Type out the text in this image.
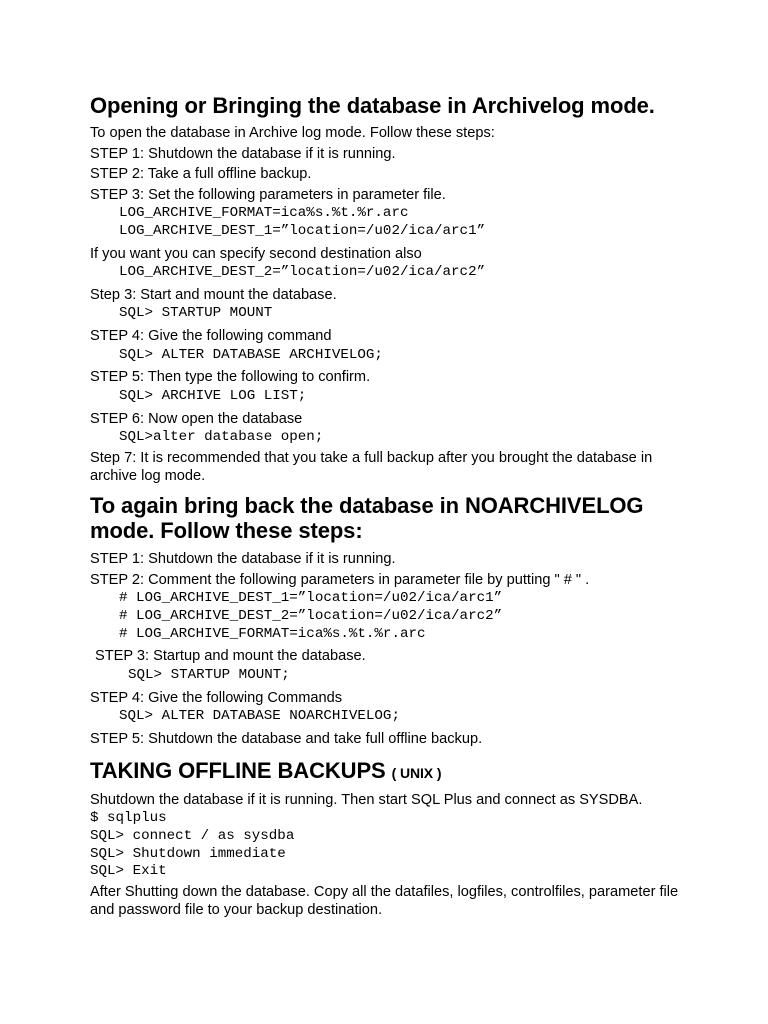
Opening or Bringing the database in Archivelog mode.

To open the database in Archive log mode. Follow these steps:

STEP 1: Shutdown the database if it is running.

STEP 2: Take a full offline backup.

STEP 3: Set the following parameters in parameter file.

LOG_ARCHIVE_FORMAT=ica%s.%t.%r.arc
LOG_ARCHIVE_DEST_1=”location=/u02/ica/arc1”

If you want you can specify second destination also

LOG_ARCHIVE_DEST_2=”location=/u02/ica/arc2”

Step 3: Start and mount the database.

SQL> STARTUP MOUNT

STEP 4: Give the following command

SQL> ALTER DATABASE ARCHIVELOG;

STEP 5: Then type the following to confirm.

SQL> ARCHIVE LOG LIST;

STEP 6: Now open the database

SQL>alter database open;

Step 7: It is recommended that you take a full backup after you brought the database in archive log mode.

To again bring back the database in NOARCHIVELOG mode. Follow these steps:

STEP 1: Shutdown the database if it is running.

STEP 2: Comment the following parameters in parameter file by putting " # " .

# LOG_ARCHIVE_DEST_1=”location=/u02/ica/arc1”
# LOG_ARCHIVE_DEST_2=”location=/u02/ica/arc2”
# LOG_ARCHIVE_FORMAT=ica%s.%t.%r.arc

STEP 3: Startup and mount the database.

SQL> STARTUP MOUNT;

STEP 4: Give the following Commands

SQL> ALTER DATABASE NOARCHIVELOG;

STEP 5: Shutdown the database and take full offline backup.

TAKING OFFLINE BACKUPS ( UNIX )

Shutdown the database if it is running. Then start SQL Plus and connect as SYSDBA.

$ sqlplus
SQL> connect / as sysdba
SQL> Shutdown immediate
SQL> Exit

After Shutting down the database. Copy all the datafiles, logfiles, controlfiles, parameter file and password file to your backup destination.
